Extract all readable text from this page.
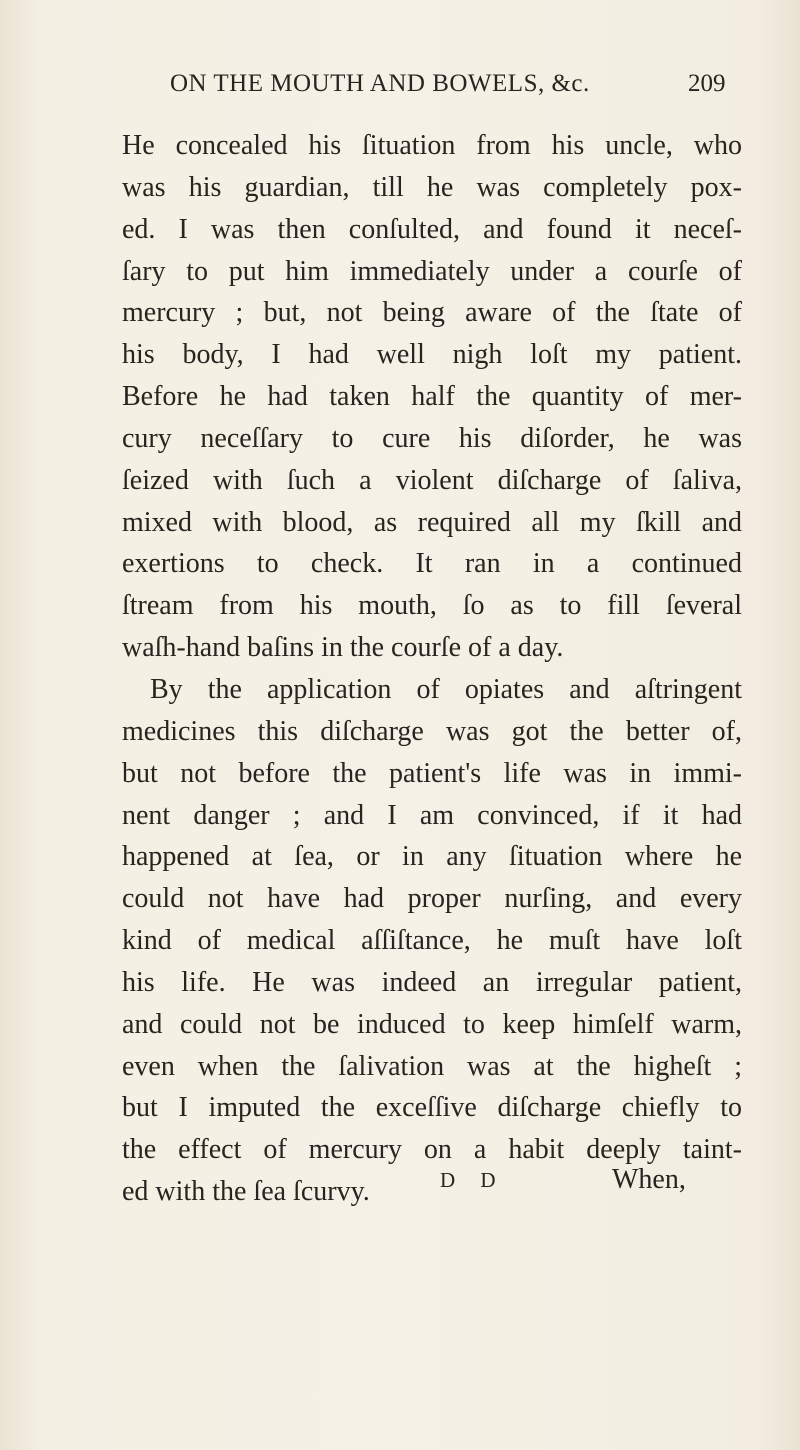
ON THE MOUTH AND BOWELS, &c.	209
He concealed his ſituation from his uncle, who
was his guardian, till he was completely pox-
ed. I was then conſulted, and found it neceſ-
ſary to put him immediately under a courſe of
mercury ; but, not being aware of the ſtate of
his body, I had well nigh loſt my patient.
Before he had taken half the quantity of mer-
cury neceſſary to cure his diſorder, he was
ſeized with ſuch a violent diſcharge of ſaliva,
mixed with blood, as required all my ſkill and
exertions to check. It ran in a continued
ſtream from his mouth, ſo as to fill ſeveral
waſh-hand baſins in the courſe of a day.
By the application of opiates and aſtringent
medicines this diſcharge was got the better of,
but not before the patient's life was in immi-
nent danger ; and I am convinced, if it had
happened at ſea, or in any ſituation where he
could not have had proper nurſing, and every
kind of medical aſſiſtance, he muſt have loſt
his life. He was indeed an irregular patient,
and could not be induced to keep himſelf warm,
even when the ſalivation was at the higheſt ;
but I imputed the exceſſive diſcharge chiefly to
the effect of mercury on a habit deeply taint-
ed with the ſea ſcurvy.	D D	When,
